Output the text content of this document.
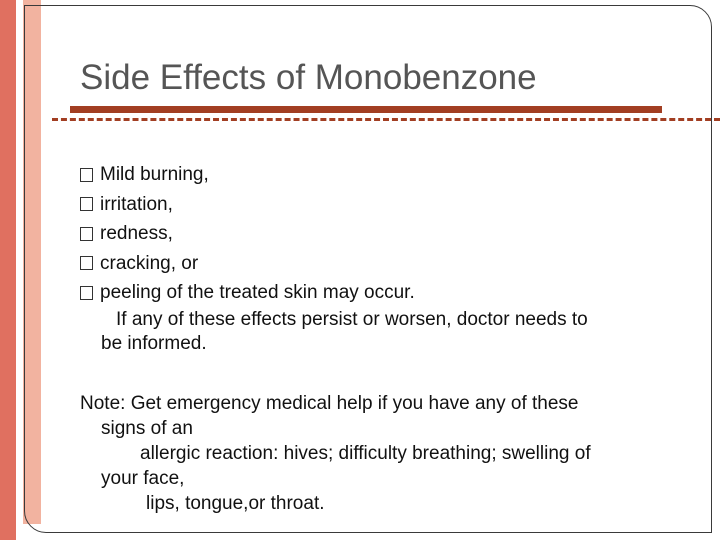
Side Effects of Monobenzone
Mild burning,
irritation,
redness,
cracking, or
peeling of the treated skin may occur.
If any of these effects persist or worsen, doctor needs to
be informed.
Note: Get emergency medical help if you have any of these
signs of an
allergic reaction: hives; difficulty breathing; swelling of
your face,
lips, tongue,or throat.
